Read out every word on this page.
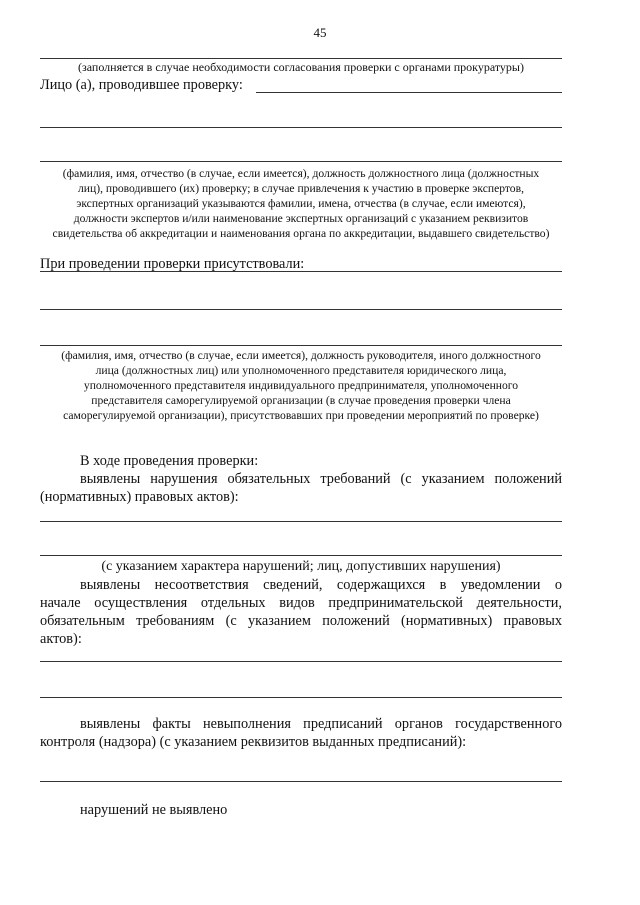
45
(заполняется в случае необходимости согласования проверки с органами прокуратуры)
Лицо (а), проводившее проверку:
(фамилия, имя, отчество (в случае, если имеется), должность должностного лица (должностных лиц), проводившего (их) проверку; в случае привлечения к участию в проверке экспертов, экспертных организаций указываются фамилии, имена, отчества (в случае, если имеются), должности экспертов и/или наименование экспертных организаций с указанием реквизитов свидетельства об аккредитации и наименования органа по аккредитации, выдавшего свидетельство)
При проведении проверки присутствовали:
(фамилия, имя, отчество (в случае, если имеется), должность руководителя, иного должностного лица (должностных лиц) или уполномоченного представителя юридического лица, уполномоченного представителя индивидуального предпринимателя, уполномоченного представителя саморегулируемой организации (в случае проведения проверки члена саморегулируемой организации), присутствовавших при проведении мероприятий по проверке)
В ходе проведения проверки:
выявлены нарушения обязательных требований (с указанием положений
(нормативных) правовых актов):
(с указанием характера нарушений; лиц, допустивших нарушения)
выявлены несоответствия сведений, содержащихся в уведомлении о
начале осуществления отдельных видов предпринимательской деятельности,
обязательным требованиям (с указанием положений (нормативных) правовых
актов):
выявлены факты невыполнения предписаний органов государственного
контроля (надзора) (с указанием реквизитов выданных предписаний):
нарушений не выявлено
